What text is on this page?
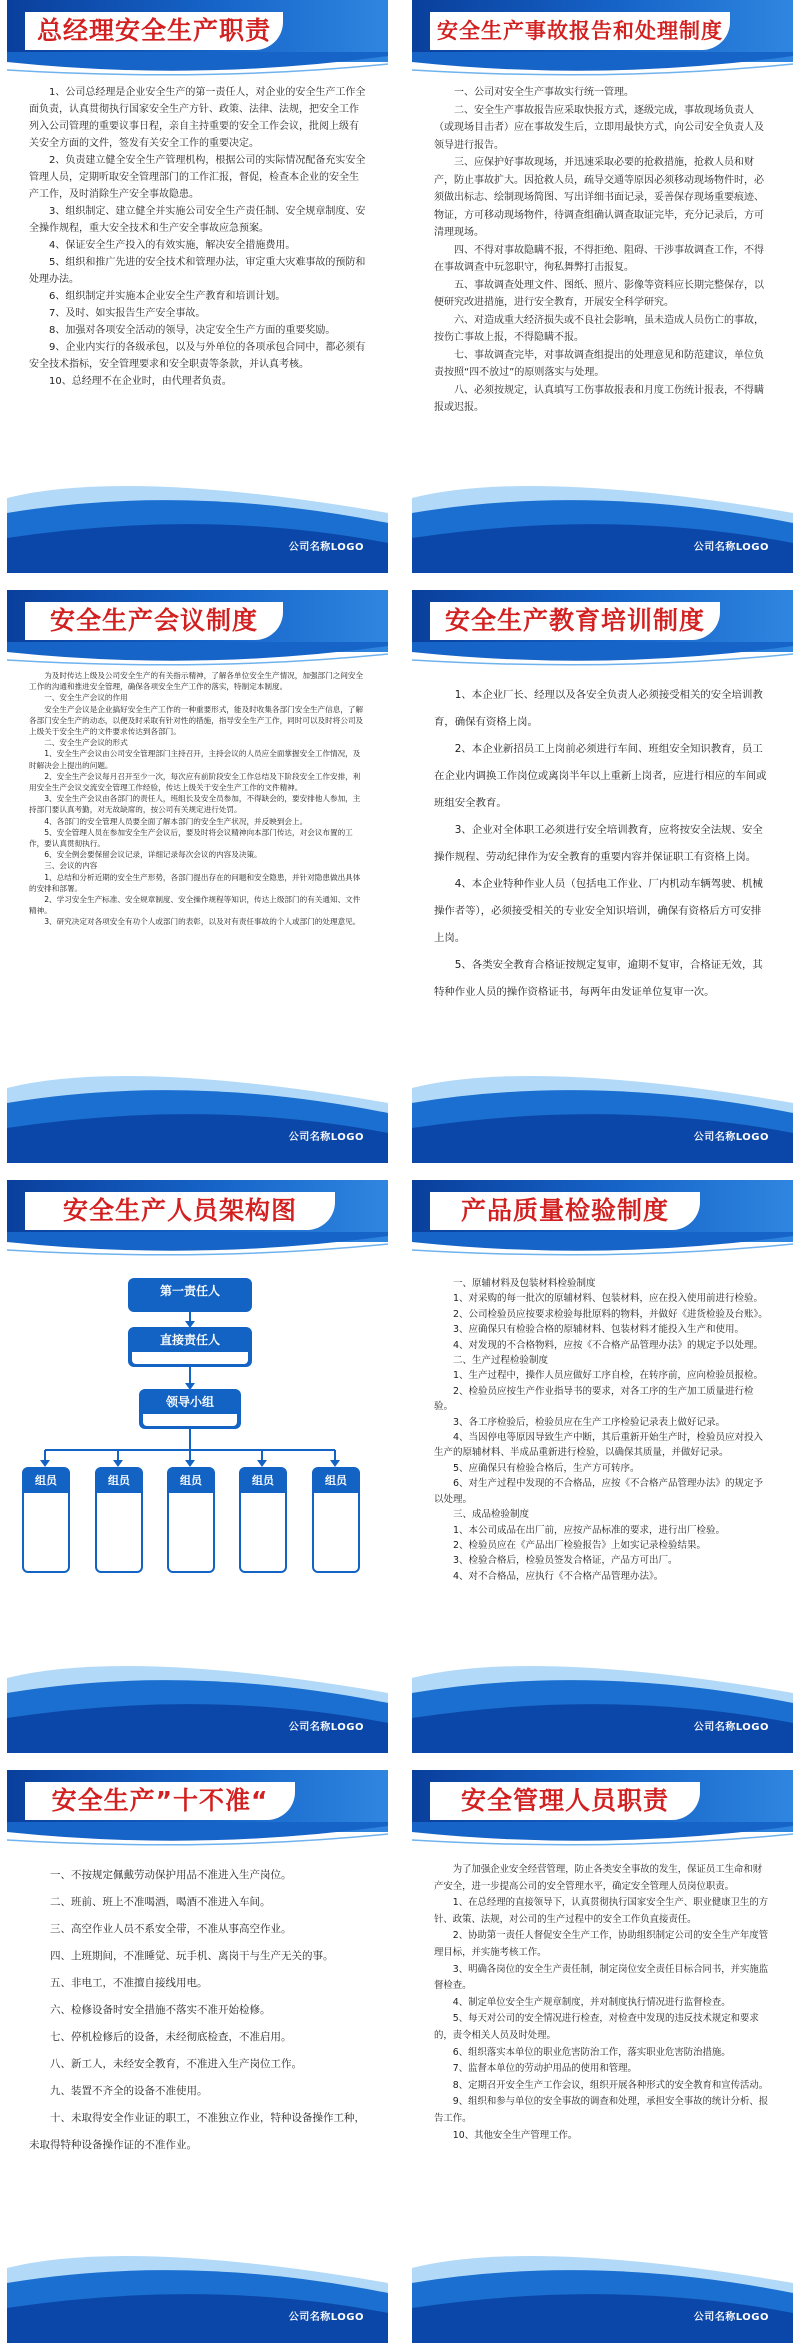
总经理安全生产职责

1、公司总经理是企业安全生产的第一责任人，对企业的安全生产工作全面负责，认真贯彻执行国家安全生产方针、政策、法律、法规，把安全工作列入公司管理的重要议事日程，亲自主持重要的安全工作会议，批阅上级有关安全方面的文件，签发有关安全工作的重要决定。

2、负责建立健全安全生产管理机构，根据公司的实际情况配备充实安全管理人员，定期听取安全管理部门的工作汇报，督促，检查本企业的安全生产工作，及时消除生产安全事故隐患。

3、组织制定、建立健全并实施公司安全生产责任制、安全规章制度、安全操作规程，重大安全技术和生产安全事故应急预案。

4、保证安全生产投入的有效实施，解决安全措施费用。

5、组织和推广先进的安全技术和管理办法，审定重大灾难事故的预防和处理办法。

6、组织制定并实施本企业安全生产教育和培训计划。

7、及时、如实报告生产安全事故。

8、加强对各项安全活动的领导，决定安全生产方面的重要奖励。

9、企业内实行的各级承包，以及与外单位的各项承包合同中，都必须有安全技术指标，安全管理要求和安全职责等条款，并认真考核。

10、总经理不在企业时，由代理者负责。

公司名称LOGO
安全生产事故报告和处理制度

一、公司对安全生产事故实行统一管理。

二、安全生产事故报告应采取快报方式，逐级完成，事故现场负责人（或现场目击者）应在事故发生后，立即用最快方式，向公司安全负责人及领导进行报告。

三、应保护好事故现场，并迅速采取必要的抢救措施，抢救人员和财产，防止事故扩大。因抢救人员，疏导交通等原因必须移动现场物件时，必须做出标志、绘制现场简图、写出详细书面记录，妥善保存现场重要痕迹、物证，方可移动现场物件，待调查组确认调查取证完毕，充分记录后，方可清理现场。

四、不得对事故隐瞒不报，不得拒绝、阻碍、干涉事故调查工作，不得在事故调查中玩忽职守，徇私舞弊打击报复。

五、事故调查处理文件、图纸、照片、影像等资料应长期完整保存，以便研究改进措施，进行安全教育，开展安全科学研究。

六、对造成重大经济损失或不良社会影响，虽未造成人员伤亡的事故，按伤亡事故上报，不得隐瞒不报。

七、事故调查完毕，对事故调查组提出的处理意见和防范建议，单位负责按照“四不放过”的原则落实与处理。

八、必须按规定，认真填写工伤事故报表和月度工伤统计报表，不得瞒报或迟报。

公司名称LOGO
安全生产会议制度

为及时传达上级及公司安全生产的有关指示精神，了解各单位安全生产情况，加强部门之间安全工作的沟通和推进安全管理，确保各项安全生产工作的落实，特制定本制度。

一、安全生产会议的作用

安全生产会议是企业搞好安全生产工作的一种重要形式，能及时收集各部门安全生产信息，了解各部门安全生产的动态，以便及时采取有针对性的措施，指导安全生产工作，同时可以及时将公司及上级关于安全生产的文件要求传达到各部门。

二、安全生产会议的形式

1、安全生产会议由公司安全管理部门主持召开，主持会议的人员应全面掌握安全工作情况，及时解决会上提出的问题。

2、安全生产会议每月召开至少一次，每次应有前阶段安全工作总结及下阶段安全工作安排，利用安全生产会议交流安全管理工作经验，传达上级关于安全生产工作的文件精神。

3、安全生产会议由各部门的责任人，班组长及安全员参加，不得缺会的，要安排他人参加，主持部门要认真考勤，对无故缺席的，按公司有关规定进行处罚。

4、各部门的安全管理人员要全面了解本部门的安全生产状况，并反映到会上。

5、安全管理人员在参加安全生产会议后，要及时将会议精神向本部门传达，对会议布置的工作，要认真贯彻执行。

6、安全例会要保留会议记录，详细记录每次会议的内容及决策。

三、会议的内容

1、总结和分析近期的安全生产形势，各部门提出存在的问题和安全隐患，并针对隐患做出具体的安排和部署。

2、学习安全生产标准、安全规章制度、安全操作规程等知识，传达上级部门的有关通知、文件精神。

3、研究决定对各项安全有功个人或部门的表彰，以及对有责任事故的个人或部门的处理意见。

公司名称LOGO
安全生产教育培训制度

1、本企业厂长、经理以及各安全负责人必须接受相关的安全培训教育，确保有资格上岗。

2、本企业新招员工上岗前必须进行车间、班组安全知识教育，员工在企业内调换工作岗位或离岗半年以上重新上岗者，应进行相应的车间或班组安全教育。

3、企业对全体职工必须进行安全培训教育，应将按安全法规、安全操作规程、劳动纪律作为安全教育的重要内容并保证职工有资格上岗。

4、本企业特种作业人员（包括电工作业、厂内机动车辆驾驶、机械操作者等），必须接受相关的专业安全知识培训，确保有资格后方可安排上岗。

5、各类安全教育合格证按规定复审，逾期不复审，合格证无效，其特种作业人员的操作资格证书，每两年由发证单位复审一次。

公司名称LOGO
安全生产人员架构图
第一责任人
直接责任人
领导小组
组员	组员	组员	组员	组员
公司名称LOGO
产品质量检验制度

一、原辅材料及包装材料检验制度

1、对采购的每一批次的原辅材料、包装材料，应在投入使用前进行检验。

2、公司检验员应按要求检验每批原料的物料，并做好《进货检验及台账》。

3、应确保只有检验合格的原辅材料、包装材料才能投入生产和使用。

4、对发现的不合格物料，应按《不合格产品管理办法》的规定予以处理。

二、生产过程检验制度

1、生产过程中，操作人员应做好工序自检，在转序前，应向检验员报检。

2、检验员应按生产作业指导书的要求，对各工序的生产加工质量进行检验。

3、各工序检验后，检验员应在生产工序检验记录表上做好记录。

4、当因停电等原因导致生产中断，其后重新开始生产时，检验员应对投入生产的原辅材料、半成品重新进行检验，以确保其质量，并做好记录。

5、应确保只有检验合格后，生产方可转序。

6、对生产过程中发现的不合格品，应按《不合格产品管理办法》的规定予以处理。

三、成品检验制度

1、本公司成品在出厂前，应按产品标准的要求，进行出厂检验。

2、检验员应在《产品出厂检验报告》上如实记录检验结果。

3、检验合格后，检验员签发合格证，产品方可出厂。

4、对不合格品，应执行《不合格产品管理办法》。

公司名称LOGO
安全生产”十不准“

一、不按规定佩戴劳动保护用品不准进入生产岗位。

二、班前、班上不准喝酒，喝酒不准进入车间。

三、高空作业人员不系安全带，不准从事高空作业。

四、上班期间，不准睡觉、玩手机、离岗干与生产无关的事。

五、非电工，不准擅自接线用电。

六、检修设备时安全措施不落实不准开始检修。

七、停机检修后的设备，未经彻底检查，不准启用。

八、新工人，未经安全教育，不准进入生产岗位工作。

九、装置不齐全的设备不准使用。

十、未取得安全作业证的职工，不准独立作业，特种设备操作工种，未取得特种设备操作证的不准作业。

公司名称LOGO
安全管理人员职责

为了加强企业安全经营管理，防止各类安全事故的发生，保证员工生命和财产安全，进一步提高公司的安全管理水平，确定安全管理人员岗位职责。

1、在总经理的直接领导下，认真贯彻执行国家安全生产、职业健康卫生的方针、政策、法规，对公司的生产过程中的安全工作负直接责任。

2、协助第一责任人督促安全生产工作，协助组织制定公司的安全生产年度管理目标，并实施考核工作。

3、明确各岗位的安全生产责任制，制定岗位安全责任目标合同书，并实施监督检查。

4、制定单位安全生产规章制度，并对制度执行情况进行监督检查。

5、每天对公司的安全情况进行检查，对检查中发现的违反技术规定和要求的，责令相关人员及时处理。

6、组织落实本单位的职业危害防治工作，落实职业危害防治措施。

7、监督本单位的劳动护用品的使用和管理。

8、定期召开安全生产工作会议，组织开展各种形式的安全教育和宣传活动。

9、组织和参与单位的安全事故的调查和处理，承担安全事故的统计分析、报告工作。

10、其他安全生产管理工作。

公司名称LOGO
